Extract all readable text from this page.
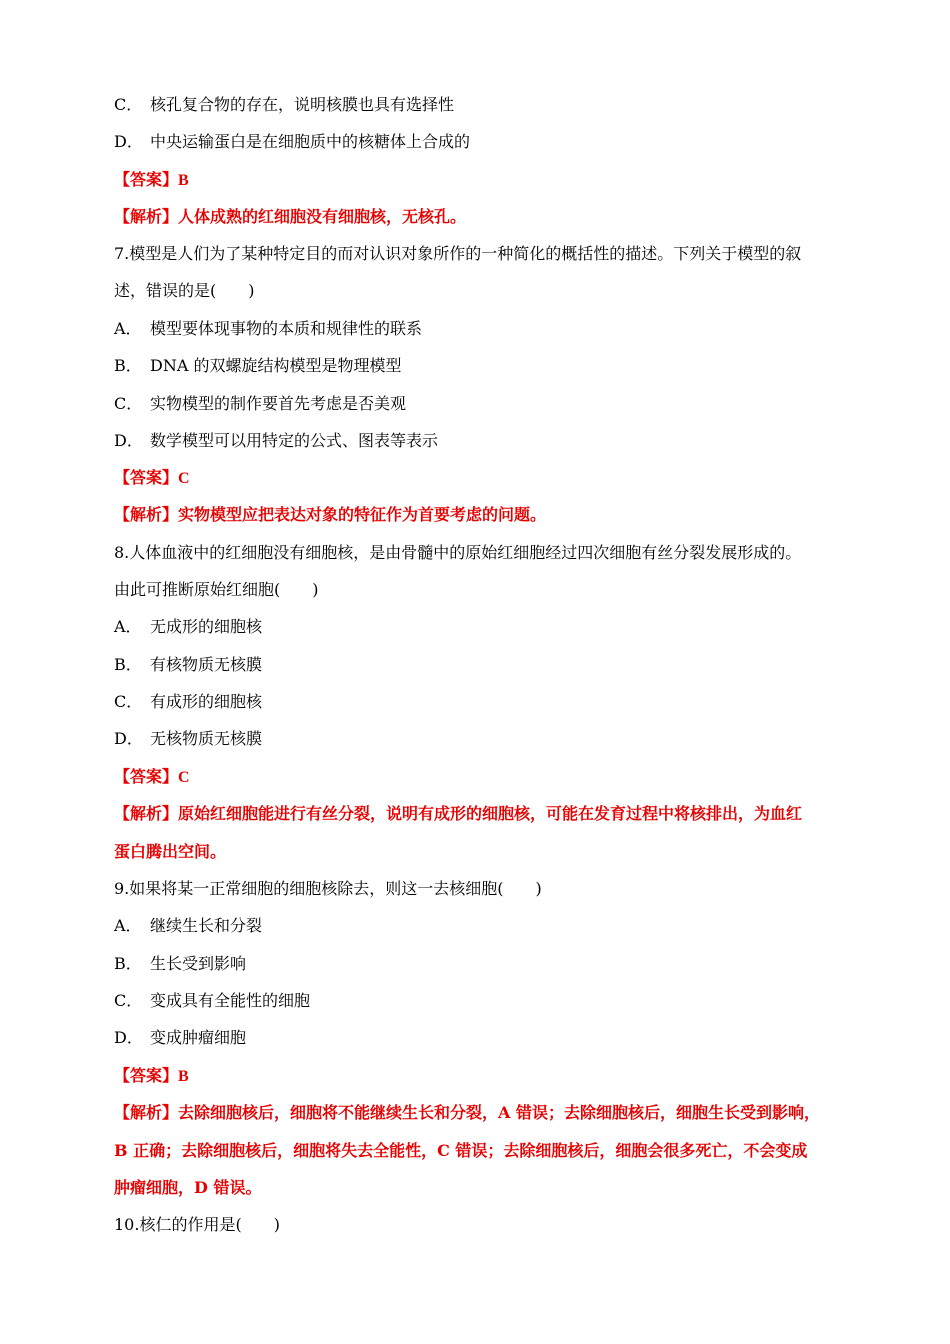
C． 核孔复合物的存在，说明核膜也具有选择性
D． 中央运输蛋白是在细胞质中的核糖体上合成的
【答案】B
【解析】人体成熟的红细胞没有细胞核，无核孔。
7.模型是人们为了某种特定目的而对认识对象所作的一种简化的概括性的描述。下列关于模型的叙
述，错误的是(　　)
A． 模型要体现事物的本质和规律性的联系
B． DNA 的双螺旋结构模型是物理模型
C． 实物模型的制作要首先考虑是否美观
D． 数学模型可以用特定的公式、图表等表示
【答案】C
【解析】实物模型应把表达对象的特征作为首要考虑的问题。
8.人体血液中的红细胞没有细胞核，是由骨髓中的原始红细胞经过四次细胞有丝分裂发展形成的。
由此可推断原始红细胞(　　)
A． 无成形的细胞核
B． 有核物质无核膜
C． 有成形的细胞核
D． 无核物质无核膜
【答案】C
【解析】原始红细胞能进行有丝分裂，说明有成形的细胞核，可能在发育过程中将核排出，为血红
蛋白腾出空间。
9.如果将某一正常细胞的细胞核除去，则这一去核细胞(　　)
A． 继续生长和分裂
B． 生长受到影响
C． 变成具有全能性的细胞
D． 变成肿瘤细胞
【答案】B
【解析】去除细胞核后，细胞将不能继续生长和分裂，A 错误；去除细胞核后，细胞生长受到影响，
B 正确；去除细胞核后，细胞将失去全能性，C 错误；去除细胞核后，细胞会很多死亡，不会变成
肿瘤细胞，D 错误。
10.核仁的作用是(　　)
